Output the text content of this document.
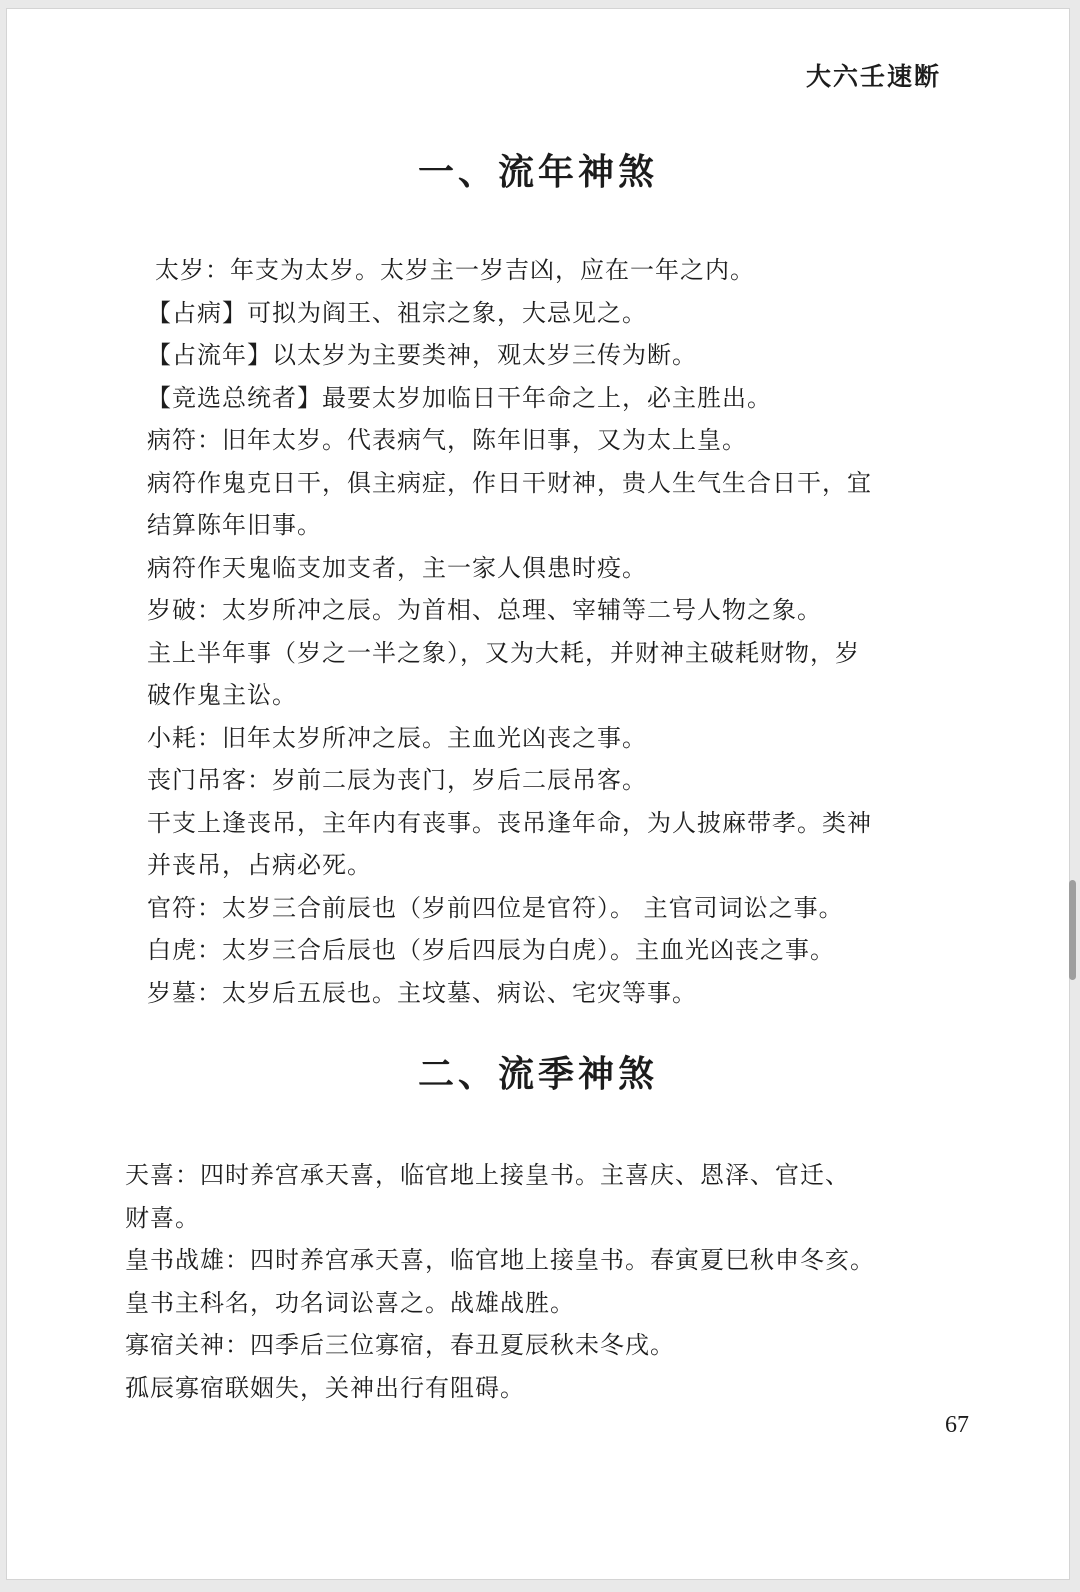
大六壬速断
一、流年神煞
太岁：年支为太岁。太岁主一岁吉凶，应在一年之内。
【占病】可拟为阎王、祖宗之象，大忌见之。
【占流年】以太岁为主要类神，观太岁三传为断。
【竞选总统者】最要太岁加临日干年命之上，必主胜出。
病符：旧年太岁。代表病气，陈年旧事，又为太上皇。
病符作鬼克日干，俱主病症，作日干财神，贵人生气生合日干，宜
结算陈年旧事。
病符作天鬼临支加支者，主一家人俱患时疫。
岁破：太岁所冲之辰。为首相、总理、宰辅等二号人物之象。
主上半年事（岁之一半之象），又为大耗，并财神主破耗财物，岁
破作鬼主讼。
小耗：旧年太岁所冲之辰。主血光凶丧之事。
丧门吊客：岁前二辰为丧门，岁后二辰吊客。
干支上逢丧吊，主年内有丧事。丧吊逢年命，为人披麻带孝。类神
并丧吊，占病必死。
官符：太岁三合前辰也（岁前四位是官符）。 主官司词讼之事。
白虎：太岁三合后辰也（岁后四辰为白虎）。主血光凶丧之事。
岁墓：太岁后五辰也。主坟墓、病讼、宅灾等事。
二、流季神煞
天喜：四时养宫承天喜，临官地上接皇书。主喜庆、恩泽、官迁、
财喜。
皇书战雄：四时养宫承天喜，临官地上接皇书。春寅夏巳秋申冬亥。
皇书主科名，功名词讼喜之。战雄战胜。
寡宿关神：四季后三位寡宿，春丑夏辰秋未冬戌。
孤辰寡宿联姻失，关神出行有阻碍。
67
